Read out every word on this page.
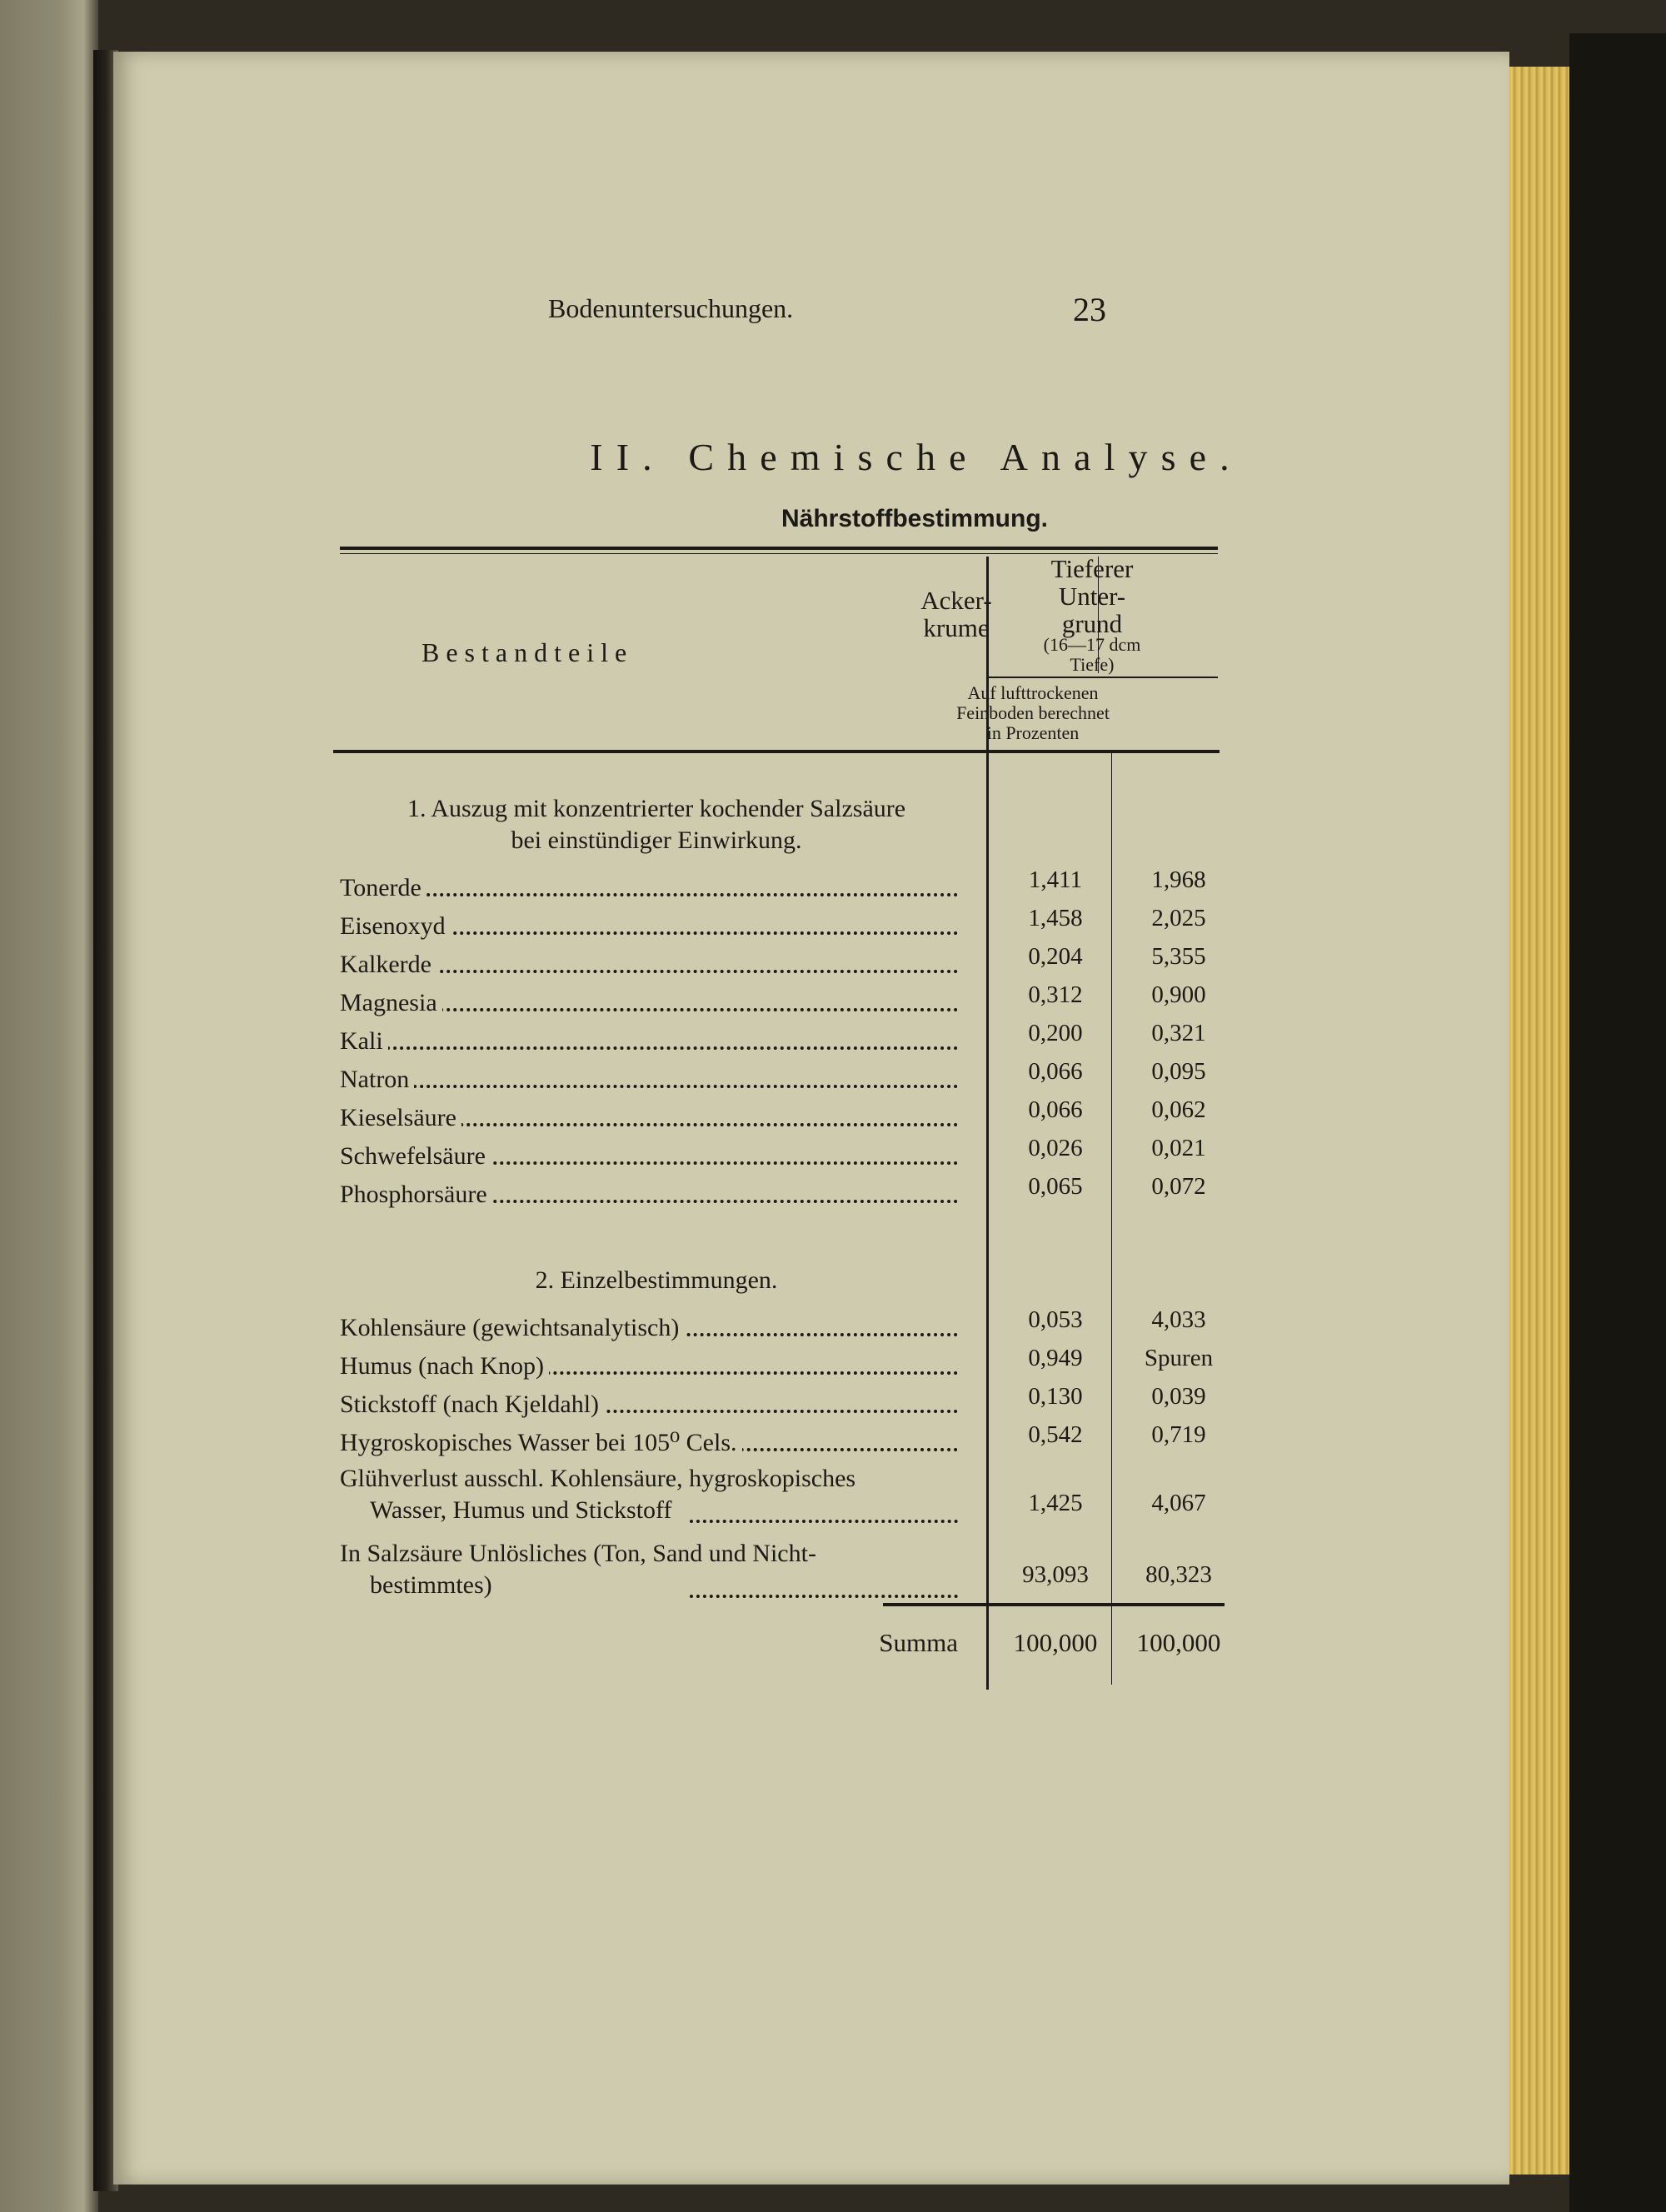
Bodenuntersuchungen.	23
II. Chemische Analyse.
Nährstoffbestimmung.
Bestandteile
Acker-
krume
Tieferer
Unter-
grund
(16—17 dcm
Tiefe)
Auf lufttrockenen
Feinboden berechnet
in Prozenten
1. Auszug mit konzentrierter kochender Salzsäure
bei einstündiger Einwirkung.
Tonerde	1,411	1,968
Eisenoxyd	1,458	2,025
Kalkerde	0,204	5,355
Magnesia	0,312	0,900
Kali	0,200	0,321
Natron	0,066	0,095
Kieselsäure	0,066	0,062
Schwefelsäure	0,026	0,021
Phosphorsäure	0,065	0,072
2. Einzelbestimmungen.
Kohlensäure (gewichtsanalytisch)	0,053	4,033
Humus (nach Knop)	0,949	Spuren
Stickstoff (nach Kjeldahl)	0,130	0,039
Hygroskopisches Wasser bei 105⁰ Cels.	0,542	0,719
Glühverlust ausschl. Kohlensäure, hygroskopisches
Wasser, Humus und Stickstoff	1,425	4,067
In Salzsäure Unlösliches (Ton, Sand und Nicht-
bestimmtes)	93,093	80,323
Summa	100,000	100,000
